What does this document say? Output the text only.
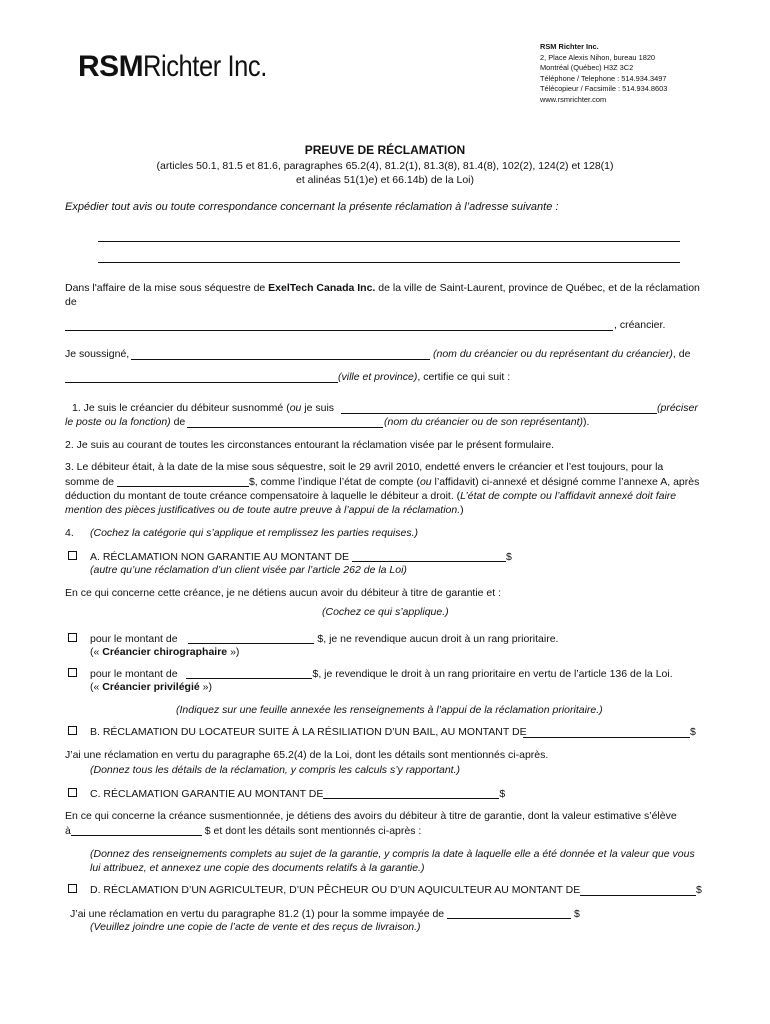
RSMRichter Inc.
RSM Richter Inc.
2, Place Alexis Nihon, bureau 1820
Montréal (Québec) H3Z 3C2
Téléphone / Telephone : 514.934.3497
Télécopieur / Facsimile : 514.934.8603
www.rsmrichter.com
PREUVE DE RÉCLAMATION
(articles 50.1, 81.5 et 81.6, paragraphes 65.2(4), 81.2(1), 81.3(8), 81.4(8), 102(2), 124(2) et 128(1)
et alinéas 51(1)e) et 66.14b) de la Loi)
Expédier tout avis ou toute correspondance concernant la présente réclamation à l’adresse suivante :
Dans l'affaire de la mise sous séquestre de ExelTech Canada Inc. de la ville de Saint-Laurent, province de Québec, et de la réclamation
de
, créancier.
Je soussigné,	(nom du créancier ou du représentant du créancier), de
(ville et province), certifie ce qui suit :
1. Je suis le créancier du débiteur susnommé (ou je suis	(préciser
le poste ou la fonction) de	(nom du créancier ou de son représentant)).
2. Je suis au courant de toutes les circonstances entourant la réclamation visée par le présent formulaire.
3. Le débiteur était, à la date de la mise sous séquestre, soit le 29 avril 2010, endetté envers le créancier et l’est toujours, pour la
somme de	$, comme l’indique l’état de compte (ou l’affidavit) ci-annexé et désigné comme l’annexe A, après
déduction du montant de toute créance compensatoire à laquelle le débiteur a droit. (L’état de compte ou l’affidavit annexé doit faire
mention des pièces justificatives ou de toute autre preuve à l’appui de la réclamation.)
4. (Cochez la catégorie qui s’applique et remplissez les parties requises.)
A. RÉCLAMATION NON GARANTIE AU MONTANT DE	$
(autre qu’une réclamation d’un client visée par l’article 262 de la Loi)
En ce qui concerne cette créance, je ne détiens aucun avoir du débiteur à titre de garantie et :
(Cochez ce qui s’applique.)
pour le montant de	$, je ne revendique aucun droit à un rang prioritaire.
(« Créancier chirographaire »)
pour le montant de	$, je revendique le droit à un rang prioritaire en vertu de l’article 136 de la Loi.
(« Créancier privilégié »)
(Indiquez sur une feuille annexée les renseignements à l’appui de la réclamation prioritaire.)
B. RÉCLAMATION DU LOCATEUR SUITE À LA RÉSILIATION D’UN BAIL, AU MONTANT DE	$
J’ai une réclamation en vertu du paragraphe 65.2(4) de la Loi, dont les détails sont mentionnés ci-après.
(Donnez tous les détails de la réclamation, y compris les calculs s’y rapportant.)
C. RÉCLAMATION GARANTIE AU MONTANT DE	$
En ce qui concerne la créance susmentionnée, je détiens des avoirs du débiteur à titre de garantie, dont la valeur estimative s’élève
à	$ et dont les détails sont mentionnés ci-après :
(Donnez des renseignements complets au sujet de la garantie, y compris la date à laquelle elle a été donnée et la valeur que vous
lui attribuez, et annexez une copie des documents relatifs à la garantie.)
D. RÉCLAMATION D’UN AGRICULTEUR, D’UN PÊCHEUR OU D’UN AQUICULTEUR AU MONTANT DE	$
J’ai une réclamation en vertu du paragraphe 81.2 (1) pour la somme impayée de	$
(Veuillez joindre une copie de l’acte de vente et des reçus de livraison.)
